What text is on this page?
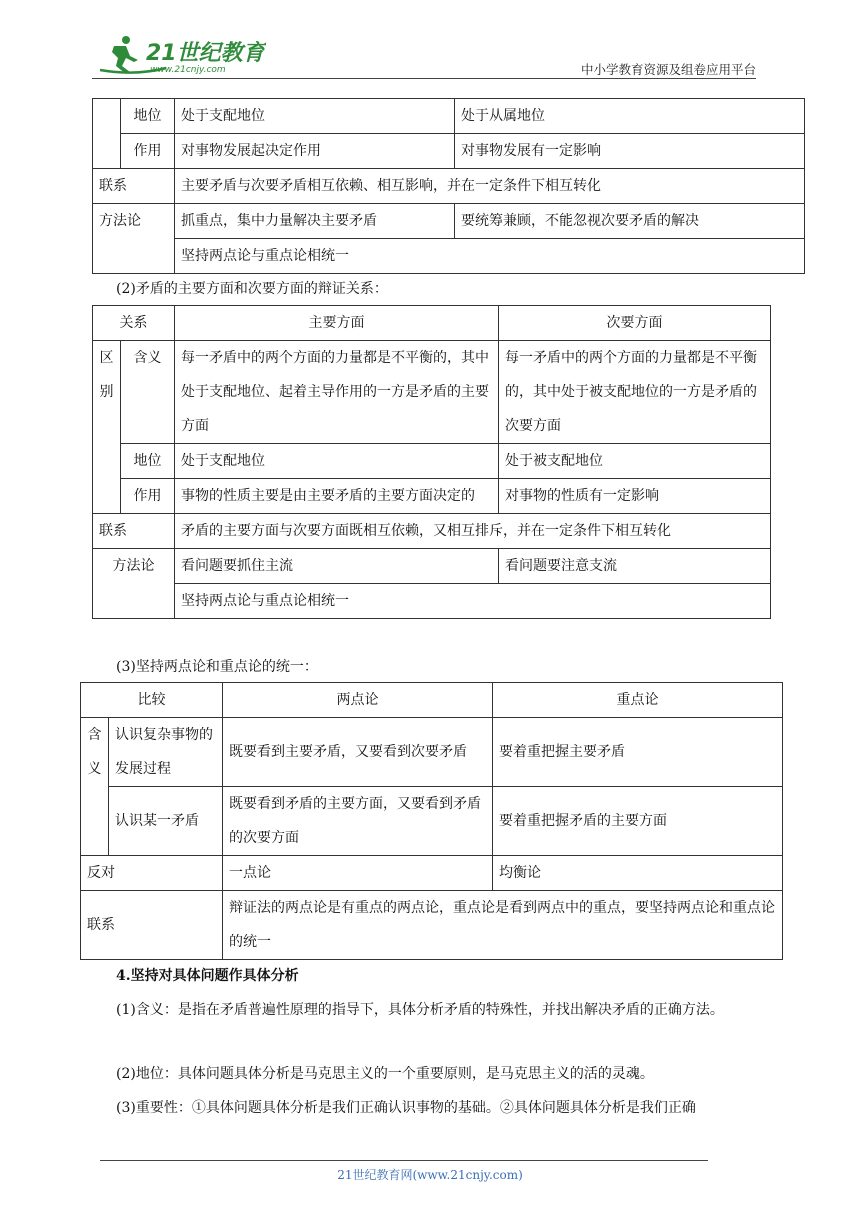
21世纪教育
www.21cnjy.com	中小学教育资源及组卷应用平台
	地位	处于支配地位	处于从属地位
	作用	对事物发展起决定作用	对事物发展有一定影响
联系		主要矛盾与次要矛盾相互依赖、相互影响，并在一定条件下相互转化	
方法论		抓重点，集中力量解决主要矛盾	要统筹兼顾，不能忽视次要矛盾的解决
		坚持两点论与重点论相统一	
(2)矛盾的主要方面和次要方面的辩证关系：
关系		主要方面	次要方面

区
别	含义	每一矛盾中的两个方面的力量都是不平衡的，其中处于支配地位、起着主导作用的一方是矛盾的主要方面	每一矛盾中的两个方面的力量都是不平衡的，其中处于被支配地位的一方是矛盾的次要方面
	地位	处于支配地位	处于被支配地位
	作用	事物的性质主要是由主要矛盾的主要方面决定的	对事物的性质有一定影响
联系		矛盾的主要方面与次要方面既相互依赖，又相互排斥，并在一定条件下相互转化	
方法论		看问题要抓住主流	看问题要注意支流
		坚持两点论与重点论相统一	
(3)坚持两点论和重点论的统一：
比较		两点论	重点论

含
义	认识复杂事物的发展过程	既要看到主要矛盾，又要看到次要矛盾	要着重把握主要矛盾
	认识某一矛盾	既要看到矛盾的主要方面，又要看到矛盾的次要方面	要着重把握矛盾的主要方面
反对		一点论	均衡论
联系		辩证法的两点论是有重点的两点论，重点论是看到两点中的重点，要坚持两点论和重点论的统一	
4.坚持对具体问题作具体分析
(1)含义：是指在矛盾普遍性原理的指导下，具体分析矛盾的特殊性，并找出解决矛盾的正确方法。
(2)地位：具体问题具体分析是马克思主义的一个重要原则，是马克思主义的活的灵魂。
(3)重要性：①具体问题具体分析是我们正确认识事物的基础。②具体问题具体分析是我们正确
21世纪教育网(www.21cnjy.com)
